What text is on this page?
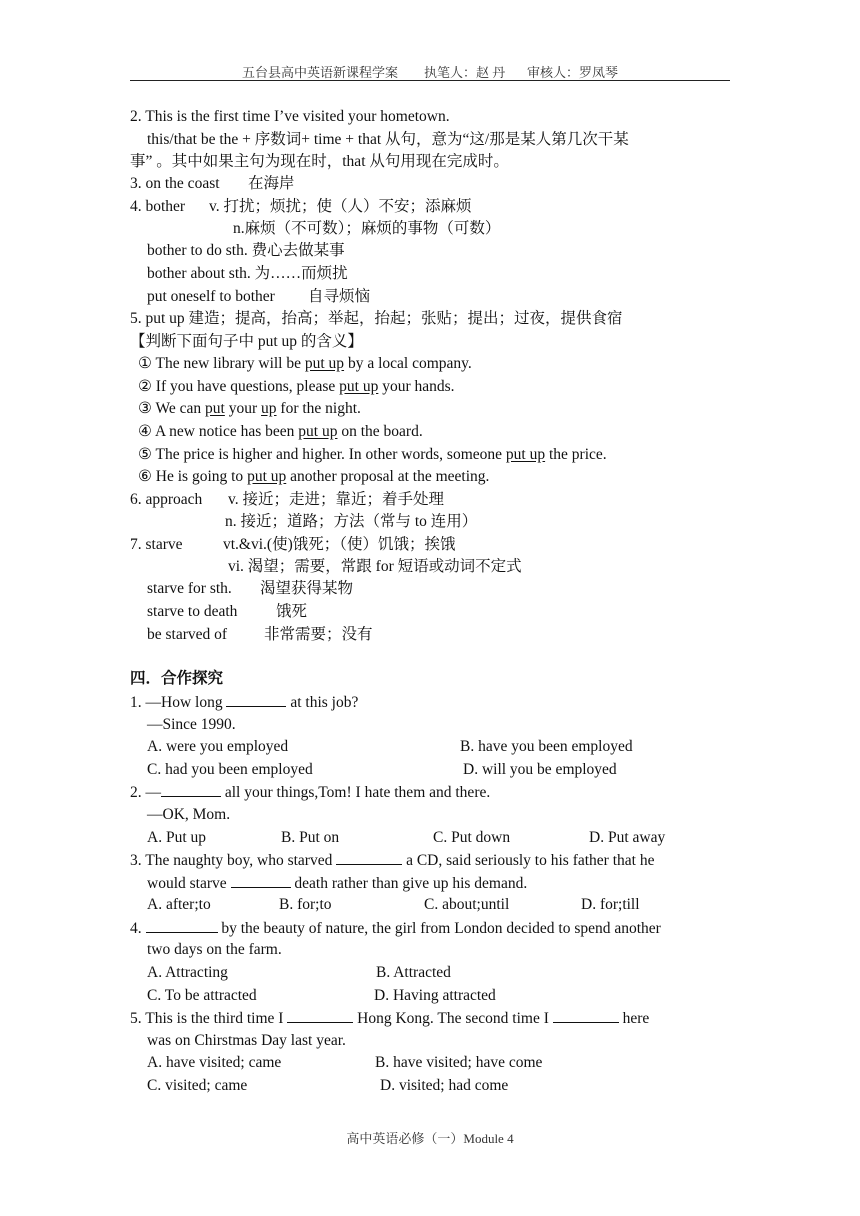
五台县高中英语新课程学案 执笔人：赵 丹 审核人：罗凤琴
2. This is the first time I’ve visited your hometown.
this/that be the + 序数词+ time + that 从句，意为“这/那是某人第几次干某
事” 。其中如果主句为现在时，that 从句用现在完成时。
3. on the coast 在海岸
4. bother v. 打扰；烦扰；使（人）不安；添麻烦
n.麻烦（不可数）；麻烦的事物（可数）
bother to do sth. 费心去做某事
bother about sth. 为……而烦扰
put oneself to bother 自寻烦恼
5. put up 建造；提高，抬高；举起，抬起；张贴；提出；过夜，提供食宿
【判断下面句子中 put up 的含义】
① The new library will be put up by a local company.
② If you have questions, please put up your hands.
③ We can put your up for the night.
④ A new notice has been put up on the board.
⑤ The price is higher and higher. In other words, someone put up the price.
⑥ He is going to put up another proposal at the meeting.
6. approach v. 接近；走进；靠近；着手处理
n. 接近；道路；方法（常与 to 连用）
7. starve	vt.&vi.(使)饿死；（使）饥饿；挨饿
vi. 渴望；需要，常跟 for 短语或动词不定式
starve for sth. 渴望获得某物
starve to death 饿死
be starved of 非常需要；没有
四．合作探究
1. —How long	at this job?
—Since 1990.
A. were you employed	B. have you been employed
C. had you been employed	D. will you be employed
2. —	all your things,Tom! I hate them and there.
—OK, Mom.
A. Put up	B. Put on	C. Put down	D. Put away
3. The naughty boy, who starved	a CD, said seriously to his father that he
would starve	death rather than give up his demand.
A. after;to	B. for;to	C. about;until	D. for;till
4.	by the beauty of nature, the girl from London decided to spend another
two days on the farm.
A. Attracting	B. Attracted
C. To be attracted	D. Having attracted
5. This is the third time I	Hong Kong. The second time I	here
was on Chirstmas Day last year.
A. have visited; came	B. have visited; have come
C. visited; came	D. visited; had come
高中英语必修（一）Module 4
